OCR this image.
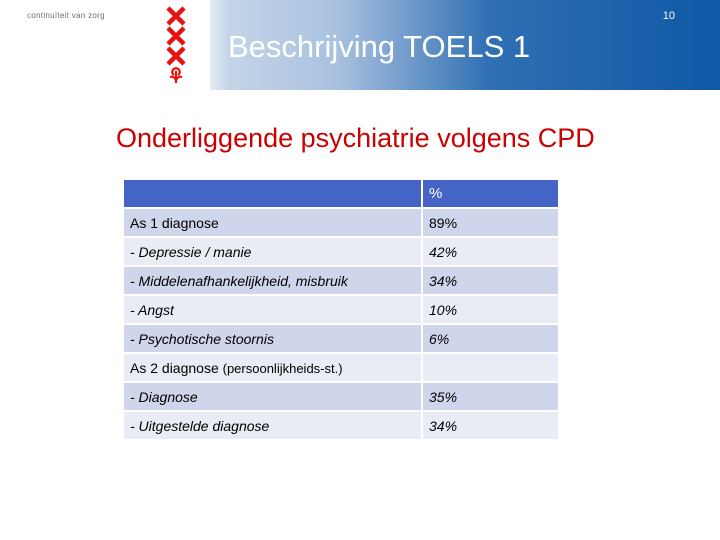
continuïteit van zorg	10
Beschrijving TOELS 1
Onderliggende psychiatrie volgens CPD
	%
As 1 diagnose	89%
- Depressie / manie	42%
- Middelenafhankelijkheid, misbruik	34%
- Angst	10%
- Psychotische stoornis	6%
As 2 diagnose (persoonlijkheids-st.)	
- Diagnose	35%
- Uitgestelde diagnose	34%
